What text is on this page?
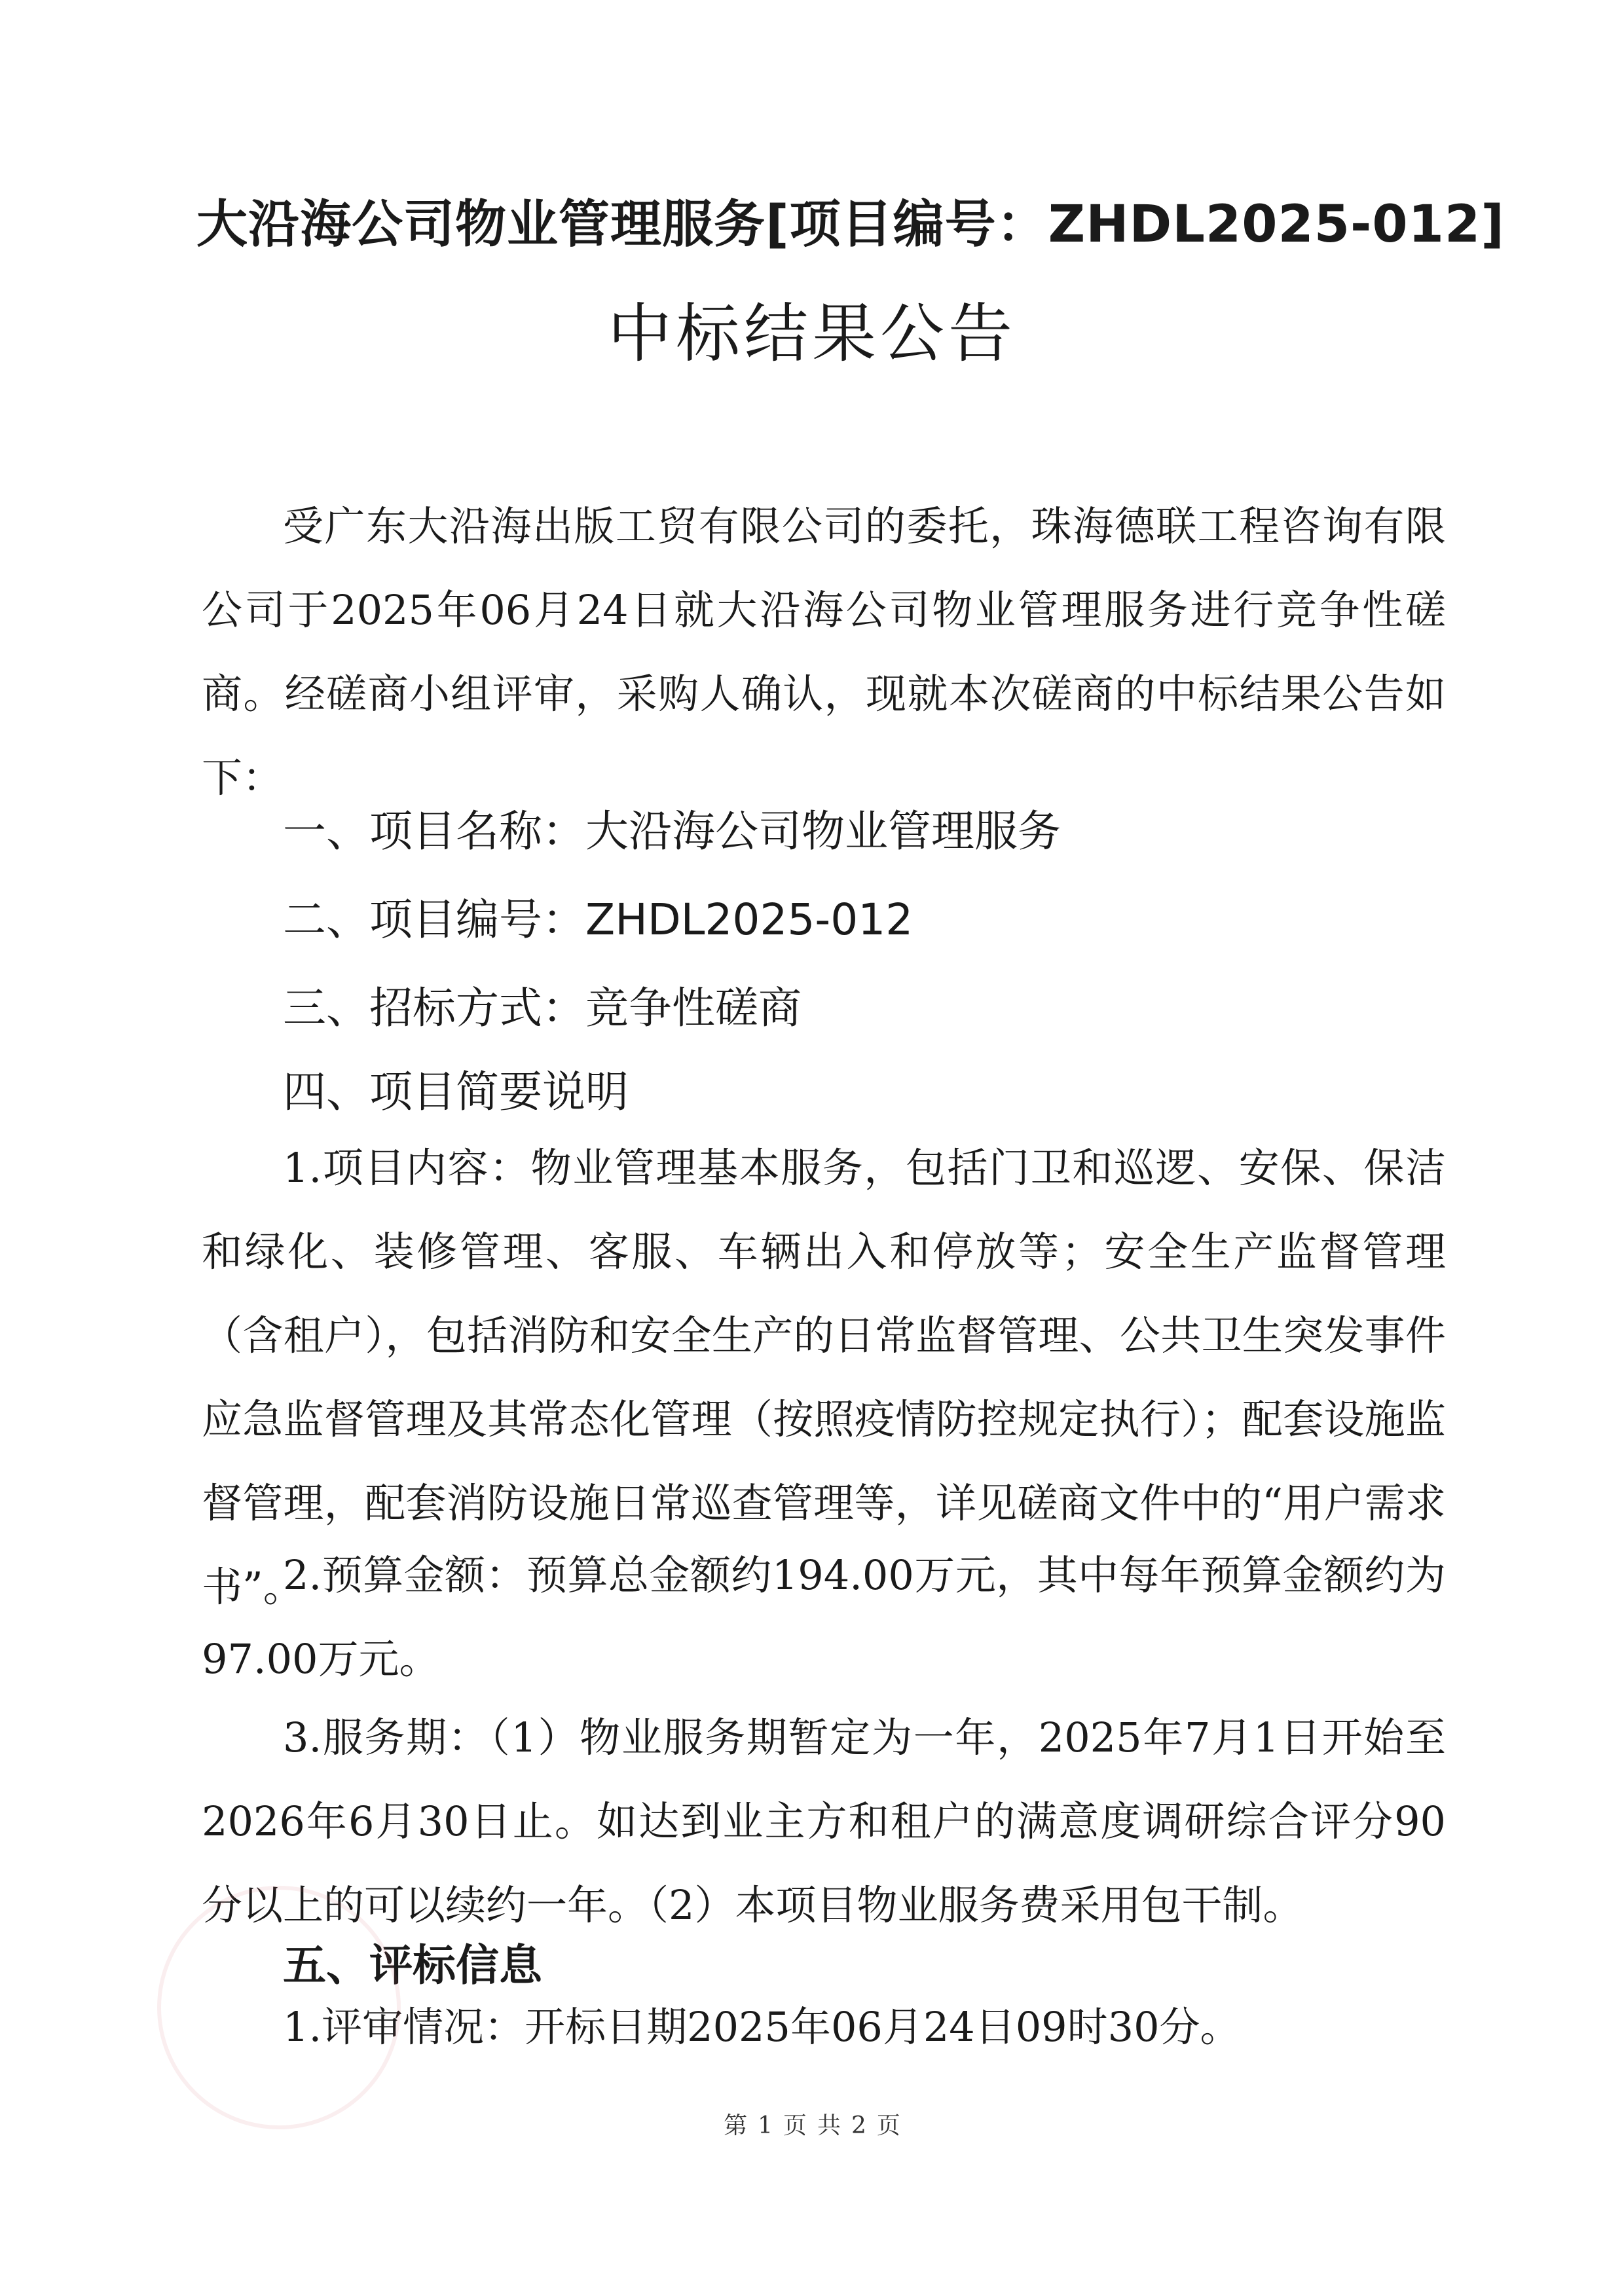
大沿海公司物业管理服务[项目编号：ZHDL2025-012]
中标结果公告

受广东大沿海出版工贸有限公司的委托，珠海德联工程咨询有限公司于2025年06月24日就大沿海公司物业管理服务进行竞争性磋商。经磋商小组评审，采购人确认，现就本次磋商的中标结果公告如下：

一、项目名称：大沿海公司物业管理服务

二、项目编号：ZHDL2025-012

三、招标方式：竞争性磋商

四、项目简要说明

1.项目内容：物业管理基本服务，包括门卫和巡逻、安保、保洁和绿化、装修管理、客服、车辆出入和停放等；安全生产监督管理（含租户），包括消防和安全生产的日常监督管理、公共卫生突发事件应急监督管理及其常态化管理（按照疫情防控规定执行）；配套设施监督管理，配套消防设施日常巡查管理等，详见磋商文件中的“用户需求书”。

2.预算金额：预算总金额约194.00万元，其中每年预算金额约为97.00万元。

3.服务期：（1）物业服务期暂定为一年，2025年7月1日开始至2026年6月30日止。如达到业主方和租户的满意度调研综合评分90分以上的可以续约一年。（2）本项目物业服务费采用包干制。

五、评标信息

1.评审情况：开标日期2025年06月24日09时30分。

第 1 页 共 2 页
